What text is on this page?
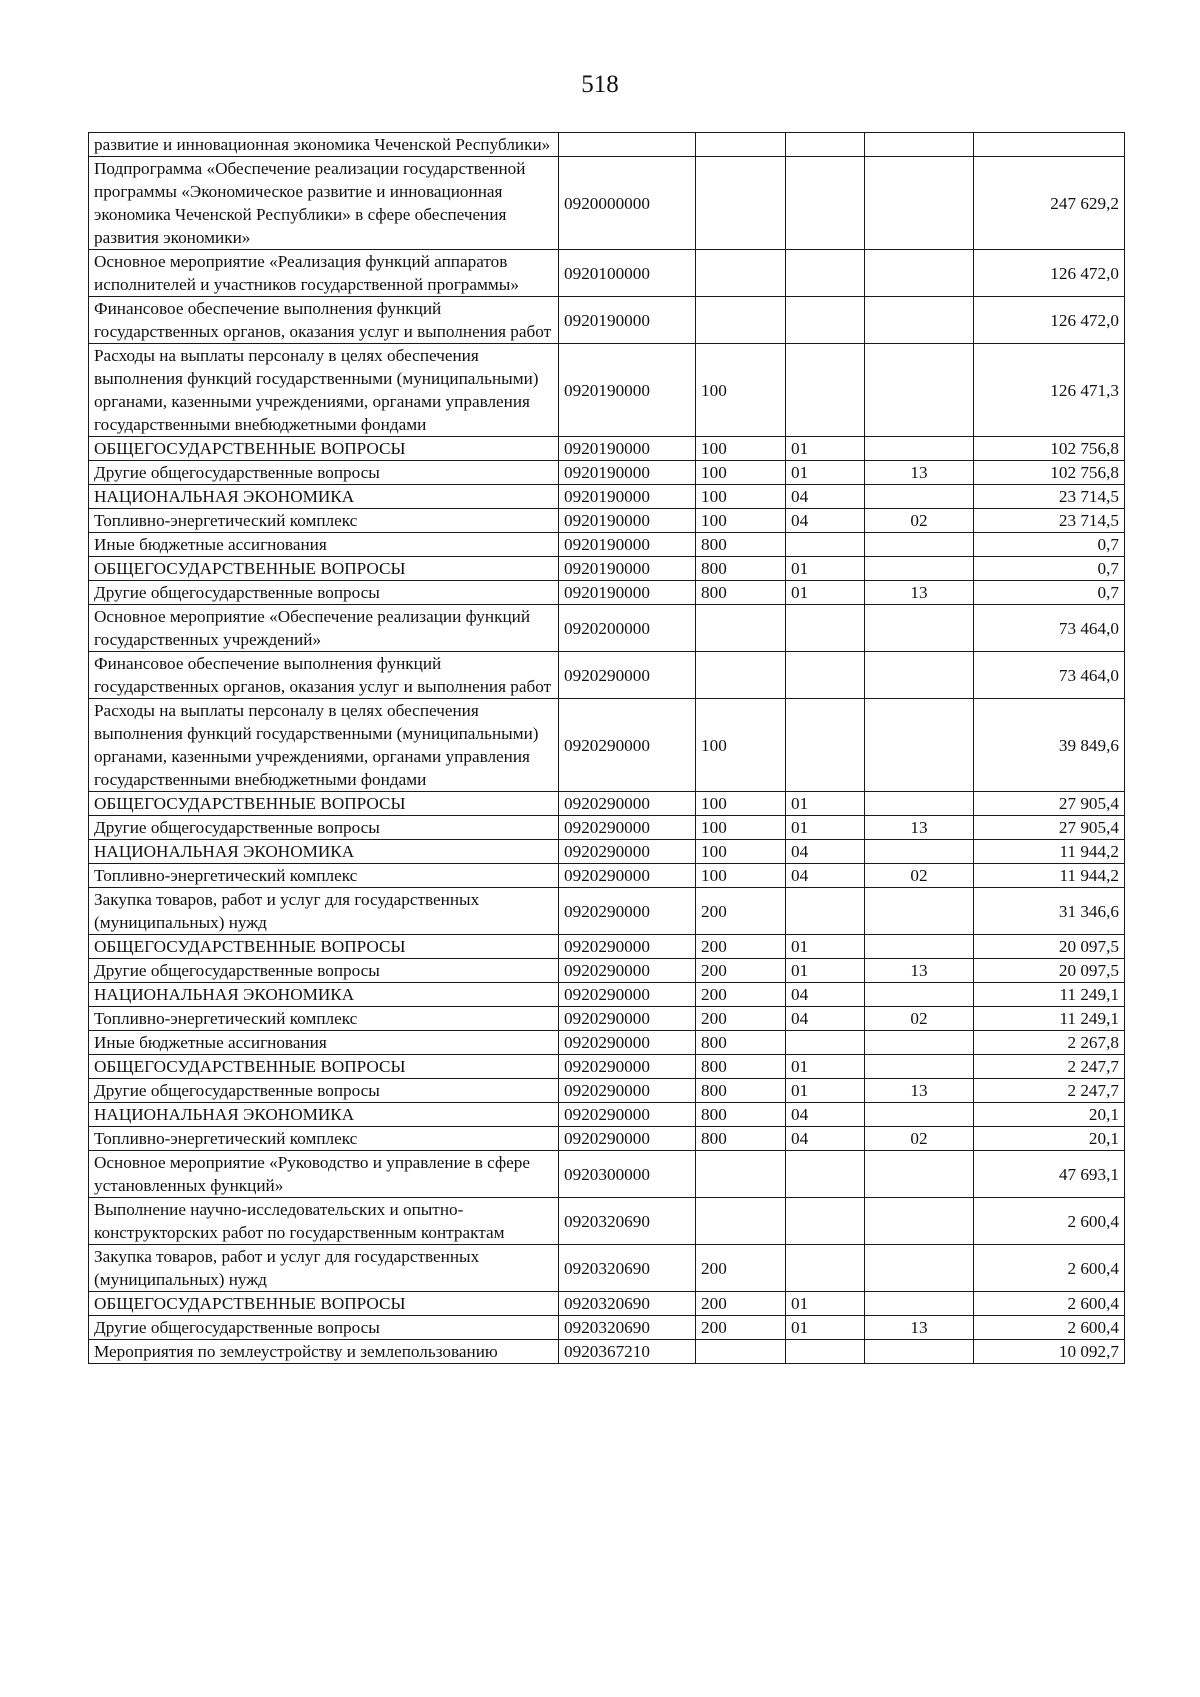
518
развитие и инновационная экономика Чеченской Республики»					
Подпрограмма «Обеспечение реализации государственной программы «Экономическое развитие и инновационная экономика Чеченской Республики» в сфере обеспечения развития экономики»	0920000000				247 629,2
Основное мероприятие «Реализация функций аппаратов исполнителей и участников государственной программы»	0920100000				126 472,0
Финансовое обеспечение выполнения функций государственных органов, оказания услуг и выполнения работ	0920190000				126 472,0
Расходы на выплаты персоналу в целях обеспечения выполнения функций государственными (муниципальными) органами, казенными учреждениями, органами управления государственными внебюджетными фондами	0920190000	100			126 471,3
ОБЩЕГОСУДАРСТВЕННЫЕ ВОПРОСЫ	0920190000	100	01		102 756,8
Другие общегосударственные вопросы	0920190000	100	01	13	102 756,8
НАЦИОНАЛЬНАЯ ЭКОНОМИКА	0920190000	100	04		23 714,5
Топливно-энергетический комплекс	0920190000	100	04	02	23 714,5
Иные бюджетные ассигнования	0920190000	800			0,7
ОБЩЕГОСУДАРСТВЕННЫЕ ВОПРОСЫ	0920190000	800	01		0,7
Другие общегосударственные вопросы	0920190000	800	01	13	0,7
Основное мероприятие «Обеспечение реализации функций государственных учреждений»	0920200000				73 464,0
Финансовое обеспечение выполнения функций государственных органов, оказания услуг и выполнения работ	0920290000				73 464,0
Расходы на выплаты персоналу в целях обеспечения выполнения функций государственными (муниципальными) органами, казенными учреждениями, органами управления государственными внебюджетными фондами	0920290000	100			39 849,6
ОБЩЕГОСУДАРСТВЕННЫЕ ВОПРОСЫ	0920290000	100	01		27 905,4
Другие общегосударственные вопросы	0920290000	100	01	13	27 905,4
НАЦИОНАЛЬНАЯ ЭКОНОМИКА	0920290000	100	04		11 944,2
Топливно-энергетический комплекс	0920290000	100	04	02	11 944,2
Закупка товаров, работ и услуг для государственных (муниципальных) нужд	0920290000	200			31 346,6
ОБЩЕГОСУДАРСТВЕННЫЕ ВОПРОСЫ	0920290000	200	01		20 097,5
Другие общегосударственные вопросы	0920290000	200	01	13	20 097,5
НАЦИОНАЛЬНАЯ ЭКОНОМИКА	0920290000	200	04		11 249,1
Топливно-энергетический комплекс	0920290000	200	04	02	11 249,1
Иные бюджетные ассигнования	0920290000	800			2 267,8
ОБЩЕГОСУДАРСТВЕННЫЕ ВОПРОСЫ	0920290000	800	01		2 247,7
Другие общегосударственные вопросы	0920290000	800	01	13	2 247,7
НАЦИОНАЛЬНАЯ ЭКОНОМИКА	0920290000	800	04		20,1
Топливно-энергетический комплекс	0920290000	800	04	02	20,1
Основное мероприятие «Руководство и управление в сфере установленных функций»	0920300000				47 693,1
Выполнение научно-исследовательских и опытно-конструкторских работ по государственным контрактам	0920320690				2 600,4
Закупка товаров, работ и услуг для государственных (муниципальных) нужд	0920320690	200			2 600,4
ОБЩЕГОСУДАРСТВЕННЫЕ ВОПРОСЫ	0920320690	200	01		2 600,4
Другие общегосударственные вопросы	0920320690	200	01	13	2 600,4
Мероприятия по землеустройству и землепользованию	0920367210				10 092,7
